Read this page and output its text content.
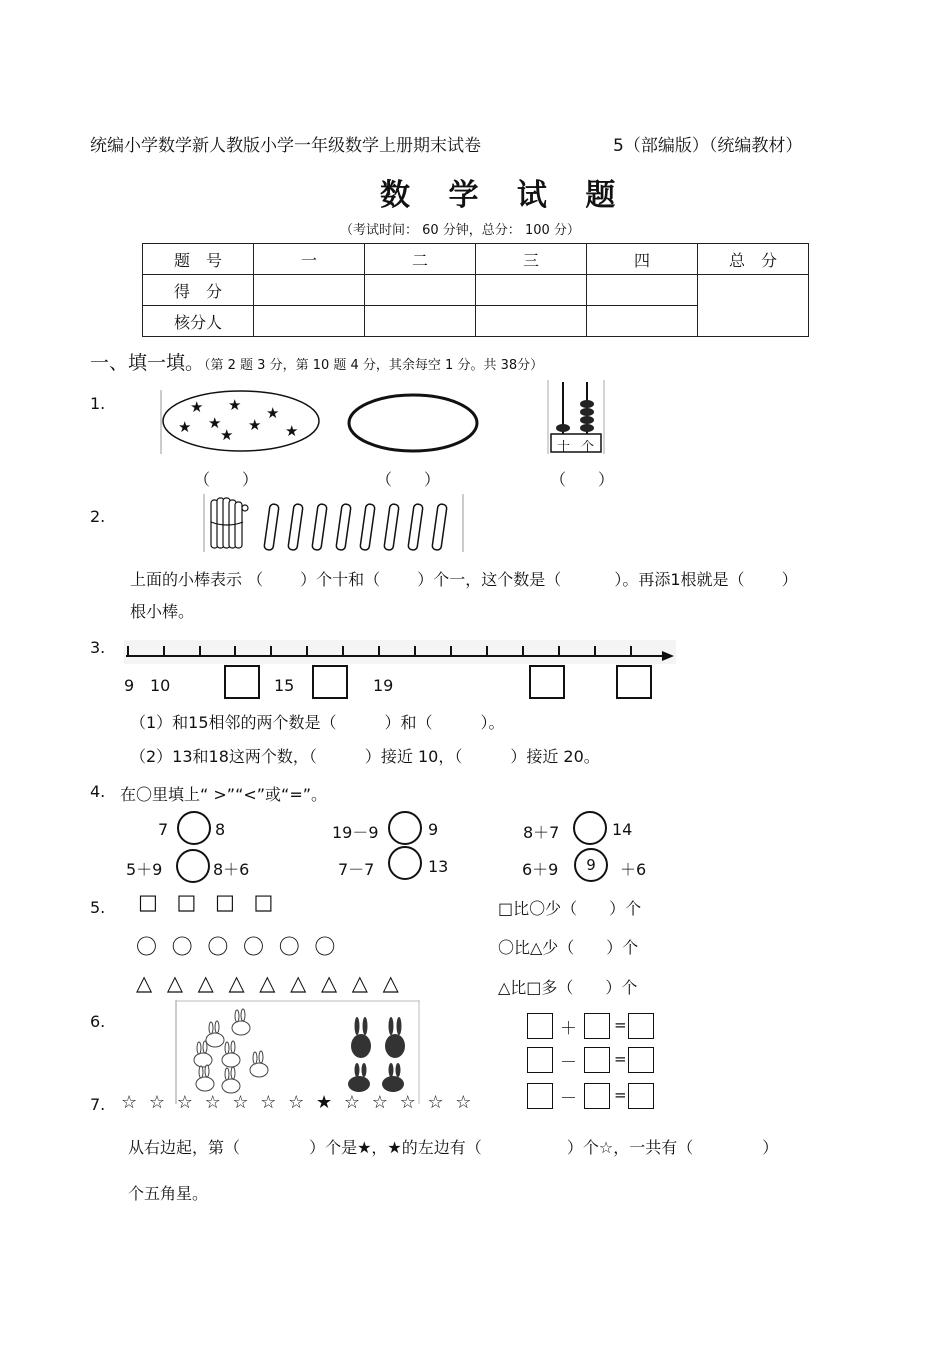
统编小学数学新人教版小学一年级数学上册期末试卷	5（部编版）（统编教材）
数 学 试 题
（考试时间： 60 分钟，总分： 100 分）
题　号	一	二	三	四	总　分
得　分					
核分人					
一、填一填。（第 2 题 3 分，第 10 题 4 分，其余每空 1 分。共 38分）
1.	★ ★ ★
★ ★ ★
★	★
十 个
（　　）	（　　）	（　　）
2.
上面的小棒表示 （　　 ）个十和（　　 ）个一，这个数是（　　　 ）。再添1根就是（　　 ）
根小棒。
3.
9 10	15	19
（1）和15相邻的两个数是（　　　）和（　　　）。
（2）13和18这两个数，（　　　）接近 10，（　　　）接近 20。
4. 在〇里填上“ >”“<”或“=”。
7	8	19－9	9	8＋7	14
5＋9	8＋6	7－7	13	6＋9	9	＋6
5. □ □ □ □
〇 〇 〇 〇 〇 〇
△ △ △ △ △ △ △ △ △
□比〇少（　　）个
〇比△少（　　）个
△比□多（　　）个
6.	＋ =
－ =
－ =
7. ☆ ☆ ☆ ☆ ☆ ☆ ☆ ★ ☆ ☆ ☆ ☆ ☆
从右边起，第（　　　　 ）个是★，★的左边有（　　　　　 ）个☆，一共有（　　　　 ）
个五角星。
